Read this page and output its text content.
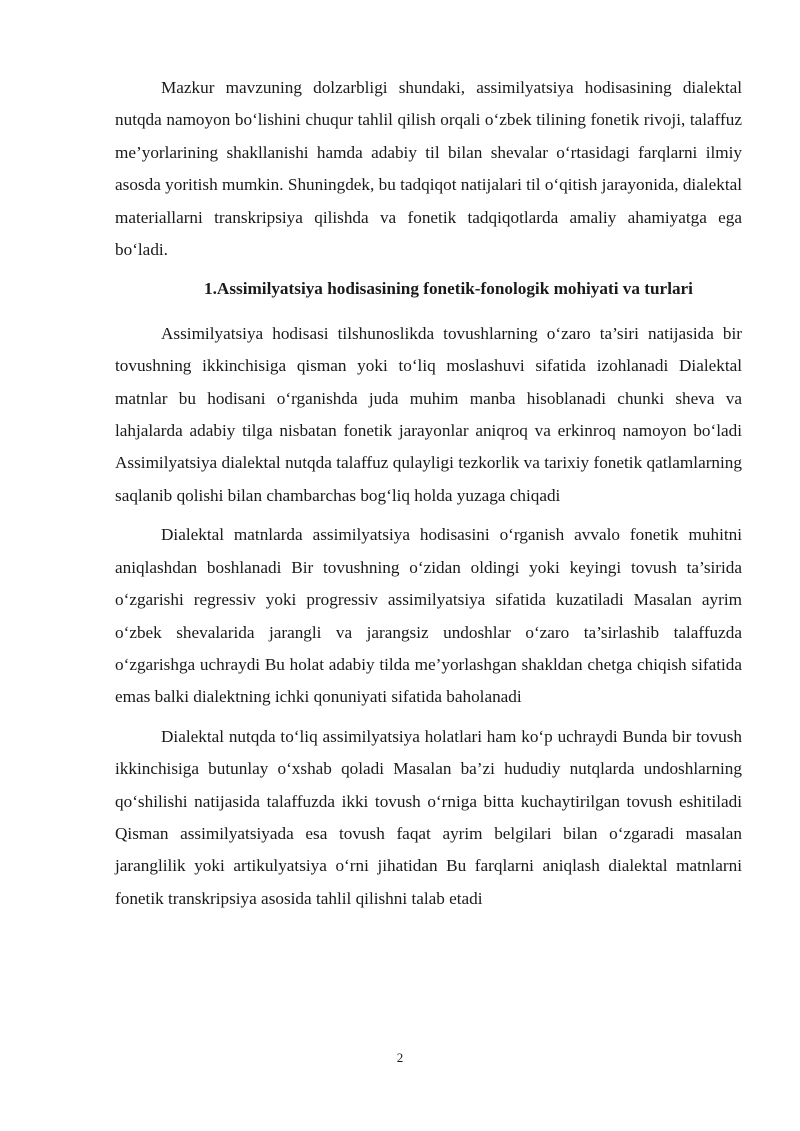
Mazkur mavzuning dolzarbligi shundaki, assimilyatsiya hodisasining dialektal nutqda namoyon bo‘lishini chuqur tahlil qilish orqali o‘zbek tilining fonetik rivoji, talaffuz me’yorlarining shakllanishi hamda adabiy til bilan shevalar o‘rtasidagi farqlarni ilmiy asosda yoritish mumkin. Shuningdek, bu tadqiqot natijalari til o‘qitish jarayonida, dialektal materiallarni transkripsiya qilishda va fonetik tadqiqotlarda amaliy ahamiyatga ega bo‘ladi.

1.Assimilyatsiya hodisasining fonetik-fonologik mohiyati va turlari

Assimilyatsiya hodisasi tilshunoslikda tovushlarning o‘zaro ta’siri natijasida bir tovushning ikkinchisiga qisman yoki to‘liq moslashuvi sifatida izohlanadi Dialektal matnlar bu hodisani o‘rganishda juda muhim manba hisoblanadi chunki sheva va lahjalarda adabiy tilga nisbatan fonetik jarayonlar aniqroq va erkinroq namoyon bo‘ladi Assimilyatsiya dialektal nutqda talaffuz qulayligi tezkorlik va tarixiy fonetik qatlamlarning saqlanib qolishi bilan chambarchas bog‘liq holda yuzaga chiqadi

Dialektal matnlarda assimilyatsiya hodisasini o‘rganish avvalo fonetik muhitni aniqlashdan boshlanadi Bir tovushning o‘zidan oldingi yoki keyingi tovush ta’sirida o‘zgarishi regressiv yoki progressiv assimilyatsiya sifatida kuzatiladi Masalan ayrim o‘zbek shevalarida jarangli va jarangsiz undoshlar o‘zaro ta’sirlashib talaffuzda o‘zgarishga uchraydi Bu holat adabiy tilda me’yorlashgan shakldan chetga chiqish sifatida emas balki dialektning ichki qonuniyati sifatida baholanadi

Dialektal nutqda to‘liq assimilyatsiya holatlari ham ko‘p uchraydi Bunda bir tovush ikkinchisiga butunlay o‘xshab qoladi Masalan ba’zi hududiy nutqlarda undoshlarning qo‘shilishi natijasida talaffuzda ikki tovush o‘rniga bitta kuchaytirilgan tovush eshitiladi Qisman assimilyatsiyada esa tovush faqat ayrim belgilari bilan o‘zgaradi masalan jaranglilik yoki artikulyatsiya o‘rni jihatidan Bu farqlarni aniqlash dialektal matnlarni fonetik transkripsiya asosida tahlil qilishni talab etadi

2
